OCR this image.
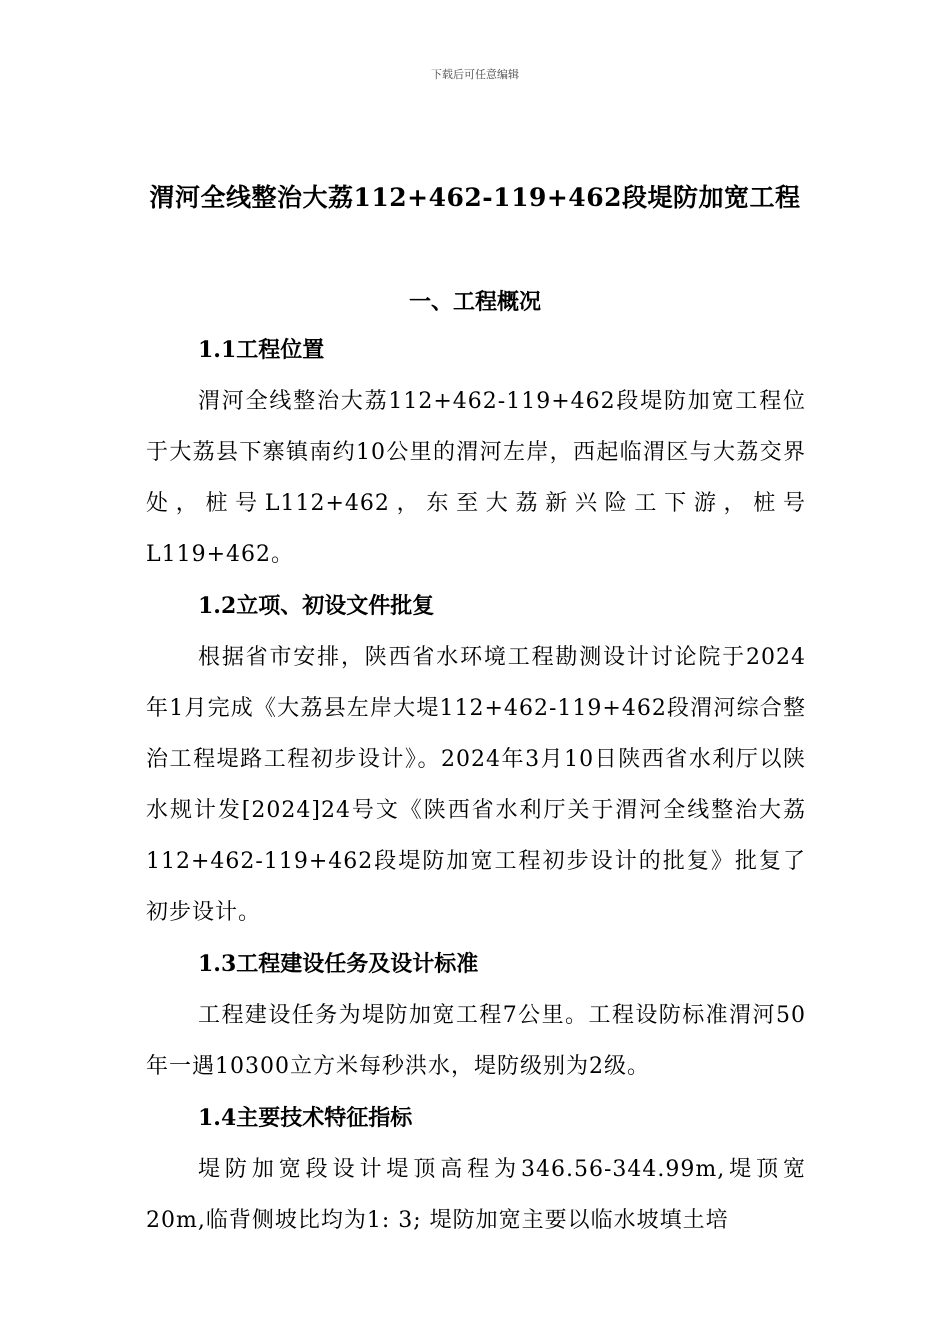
下载后可任意编辑
渭河全线整治大荔112+462-119+462段堤防加宽工程
一、工程概况
1.1工程位置

渭河全线整治大荔112+462-119+462段堤防加宽工程位于大荔县下寨镇南约10公里的渭河左岸，西起临渭区与大荔交界处，桩号L112+462，东至大荔新兴险工下游，桩号L119+462。

1.2立项、初设文件批复

根据省市安排，陕西省水环境工程勘测设计讨论院于2024年1月完成《大荔县左岸大堤112+462-119+462段渭河综合整治工程堤路工程初步设计》。2024年3月10日陕西省水利厅以陕水规计发[2024]24号文《陕西省水利厅关于渭河全线整治大荔112+462-119+462段堤防加宽工程初步设计的批复》批复了初步设计。

1.3工程建设任务及设计标准

工程建设任务为堤防加宽工程7公里。工程设防标准渭河50年一遇10300立方米每秒洪水，堤防级别为2级。

1.4主要技术特征指标

堤防加宽段设计堤顶高程为346.56-344.99m,堤顶宽20m,临背侧坡比均为1: 3; 堤防加宽主要以临水坡填土培
